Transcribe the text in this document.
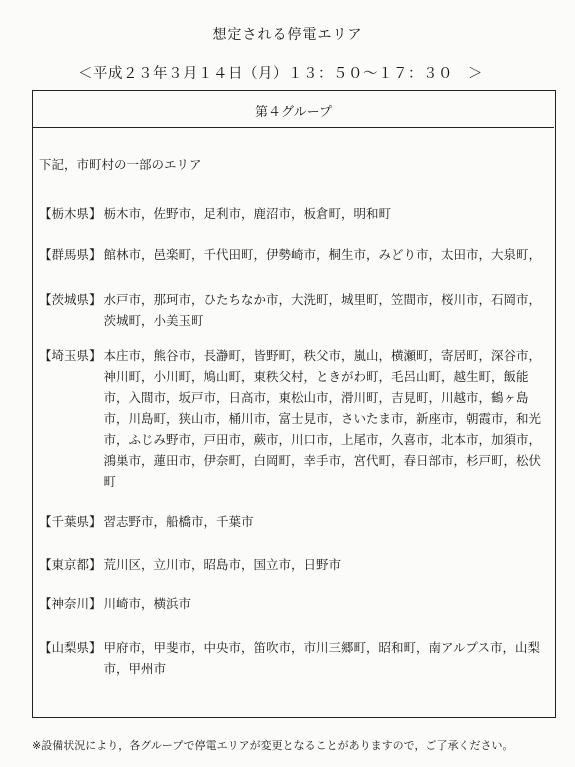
想定される停電エリア
＜平成２３年３月１４日（月）１３：５０～１７：３０　＞
第４グループ
下記，市町村の一部のエリア
【栃木県】 栃木市，佐野市，足利市，鹿沼市，板倉町，明和町
【群馬県】 館林市，邑楽町，千代田町，伊勢崎市，桐生市，みどり市，太田市，大泉町，
【茨城県】 水戸市，那珂市，ひたちなか市，大洗町，城里町，笠間市，桜川市，石岡市，茨城町，小美玉町
【埼玉県】 本庄市，熊谷市，長瀞町，皆野町，秩父市，嵐山，横瀬町，寄居町，深谷市，神川町，小川町，鳩山町，東秩父村，ときがわ町，毛呂山町，越生町，飯能市，入間市，坂戸市，日高市，東松山市，滑川町，吉見町，川越市，鶴ヶ島市，川島町，狭山市，桶川市，富士見市，さいたま市，新座市，朝霞市，和光市，ふじみ野市，戸田市，蕨市，川口市，上尾市，久喜市，北本市，加須市，鴻巣市，蓮田市，伊奈町，白岡町，幸手市，宮代町，春日部市，杉戸町，松伏町
【千葉県】 習志野市，船橋市，千葉市
【東京都】 荒川区，立川市，昭島市，国立市，日野市
【神奈川】 川崎市，横浜市
【山梨県】 甲府市，甲斐市，中央市，笛吹市，市川三郷町，昭和町，南アルプス市，山梨市，甲州市
※設備状況により，各グループで停電エリアが変更となることがありますので，ご了承ください。
